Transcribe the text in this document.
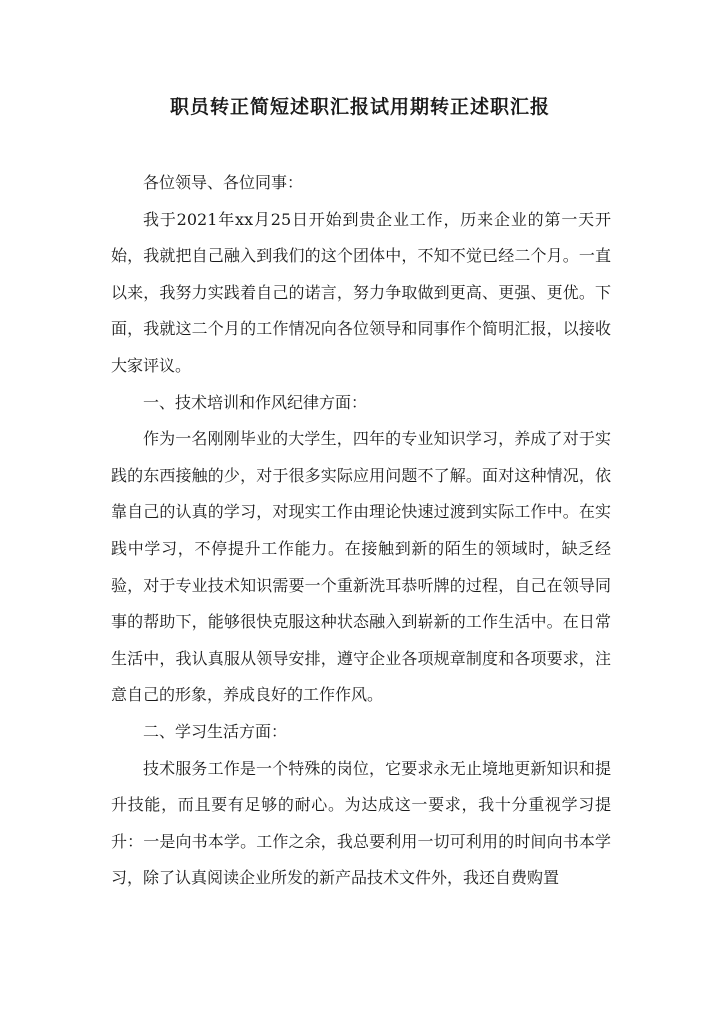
职员转正简短述职汇报试用期转正述职汇报

各位领导、各位同事：

我于2021年xx月25日开始到贵企业工作，历来企业的第一天开始，我就把自己融入到我们的这个团体中，不知不觉已经二个月。一直以来，我努力实践着自己的诺言，努力争取做到更高、更强、更优。下面，我就这二个月的工作情况向各位领导和同事作个简明汇报，以接收大家评议。

一、技术培训和作风纪律方面：

作为一名刚刚毕业的大学生，四年的专业知识学习，养成了对于实践的东西接触的少，对于很多实际应用问题不了解。面对这种情况，依靠自己的认真的学习，对现实工作由理论快速过渡到实际工作中。在实践中学习，不停提升工作能力。在接触到新的陌生的领域时，缺乏经验，对于专业技术知识需要一个重新洗耳恭听牌的过程，自己在领导同事的帮助下，能够很快克服这种状态融入到崭新的工作生活中。在日常生活中，我认真服从领导安排，遵守企业各项规章制度和各项要求，注意自己的形象，养成良好的工作作风。

二、学习生活方面：

技术服务工作是一个特殊的岗位，它要求永无止境地更新知识和提升技能，而且要有足够的耐心。为达成这一要求，我十分重视学习提升：一是向书本学。工作之余，我总要利用一切可利用的时间向书本学习，除了认真阅读企业所发的新产品技术文件外，我还自费购置
